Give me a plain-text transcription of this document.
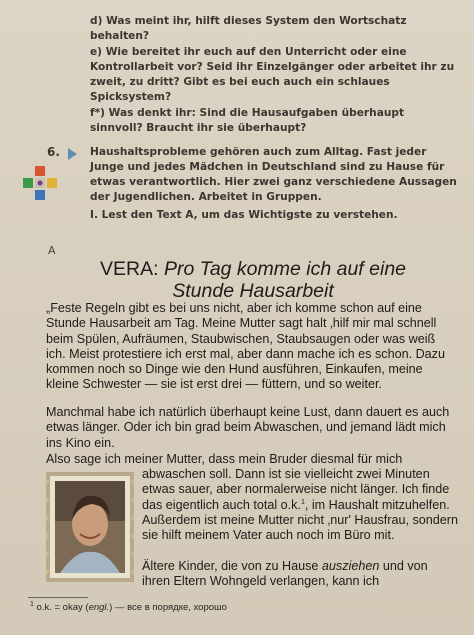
d) Was meint ihr, hilft dieses System den Wortschatz behalten?
e) Wie bereitet ihr euch auf den Unterricht oder eine Kontrollarbeit vor? Seid ihr Einzelgänger oder arbeitet ihr zu zweit, zu dritt? Gibt es bei euch auch ein schlaues Spicksystem?
f*) Was denkt ihr: Sind die Hausaufgaben überhaupt sinnvoll? Braucht ihr sie überhaupt?
6.	Haushaltsprobleme gehören auch zum Alltag. Fast jeder Junge und jedes Mädchen in Deutschland sind zu Hause für etwas verantwortlich. Hier zwei ganz verschiedene Aussagen der Jugendlichen. Arbeitet in Gruppen.
I. Lest den Text A, um das Wichtigste zu verstehen.
A
VERA: Pro Tag komme ich auf eine
Stunde Hausarbeit
„Feste Regeln gibt es bei uns nicht, aber ich komme schon auf eine Stunde Hausarbeit am Tag. Meine Mutter sagt halt ‚hilf mir mal schnell beim Spülen, Aufräumen, Staubwischen, Staubsaugen oder was weiß ich. Meist protestiere ich erst mal, aber dann mache ich es schon. Dazu kommen noch so Dinge wie den Hund ausführen, Einkaufen, meine kleine Schwester — sie ist erst drei — füttern, und so weiter.
Manchmal habe ich natürlich überhaupt keine Lust, dann dauert es auch etwas länger. Oder ich bin grad beim Abwaschen, und jemand lädt mich ins Kino ein.
Also sage ich meiner Mutter, dass mein Bruder diesmal für mich
abwaschen soll. Dann ist sie vielleicht zwei Minuten etwas sauer, aber normalerweise nicht länger. Ich finde das eigentlich auch total o.k.$^1$, im Haushalt mitzuhelfen. Außerdem ist meine Mutter nicht ‚nur' Hausfrau, sondern sie hilft meinem Vater auch noch im Büro mit.
Ältere Kinder, die von zu Hause ausziehen und von ihren Eltern Wohngeld verlangen, kann ich
$^1$ o.k. = okay (engl.) — все в порядке, хорошо
